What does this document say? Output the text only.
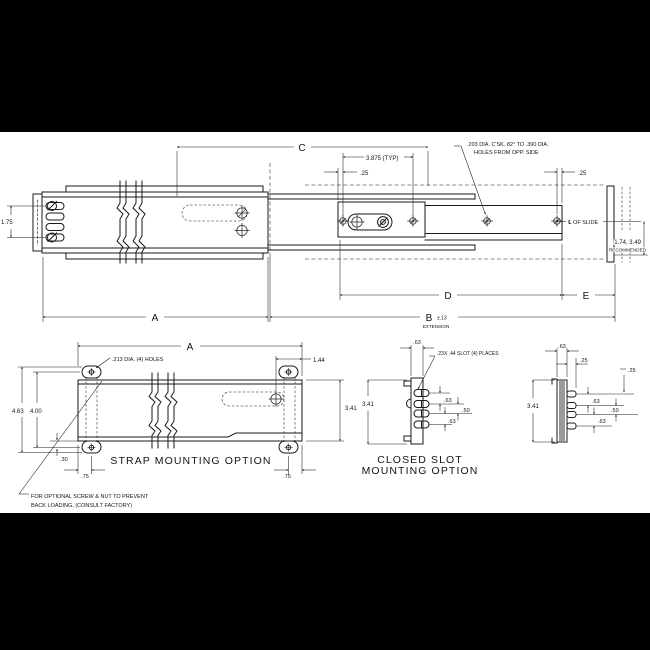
C
3.875 (TYP)
.25	.25
.203 DIA. C'SK. 82° TO .390 DIA.
HOLES FROM OPP. SIDE
1.75	℄ OF SLIDE
1.74, 3.49
RECOMMENDED
D	E
A	B ±.13
EXTENSION
A
.213 DIA. (4) HOLES	1.44
4.63 4.00	3.41
.30
.75	.75
STRAP MOUNTING OPTION
FOR OPTIONAL SCREW & NUT TO PREVENT
BACK LOADING, (CONSULT FACTORY)
.63
.23X .44 SLOT (4) PLACES
3.41
.63
.50
.63
CLOSED SLOT
MOUNTING OPTION
.63
.25
.25
3.41
.63
.50
.63
